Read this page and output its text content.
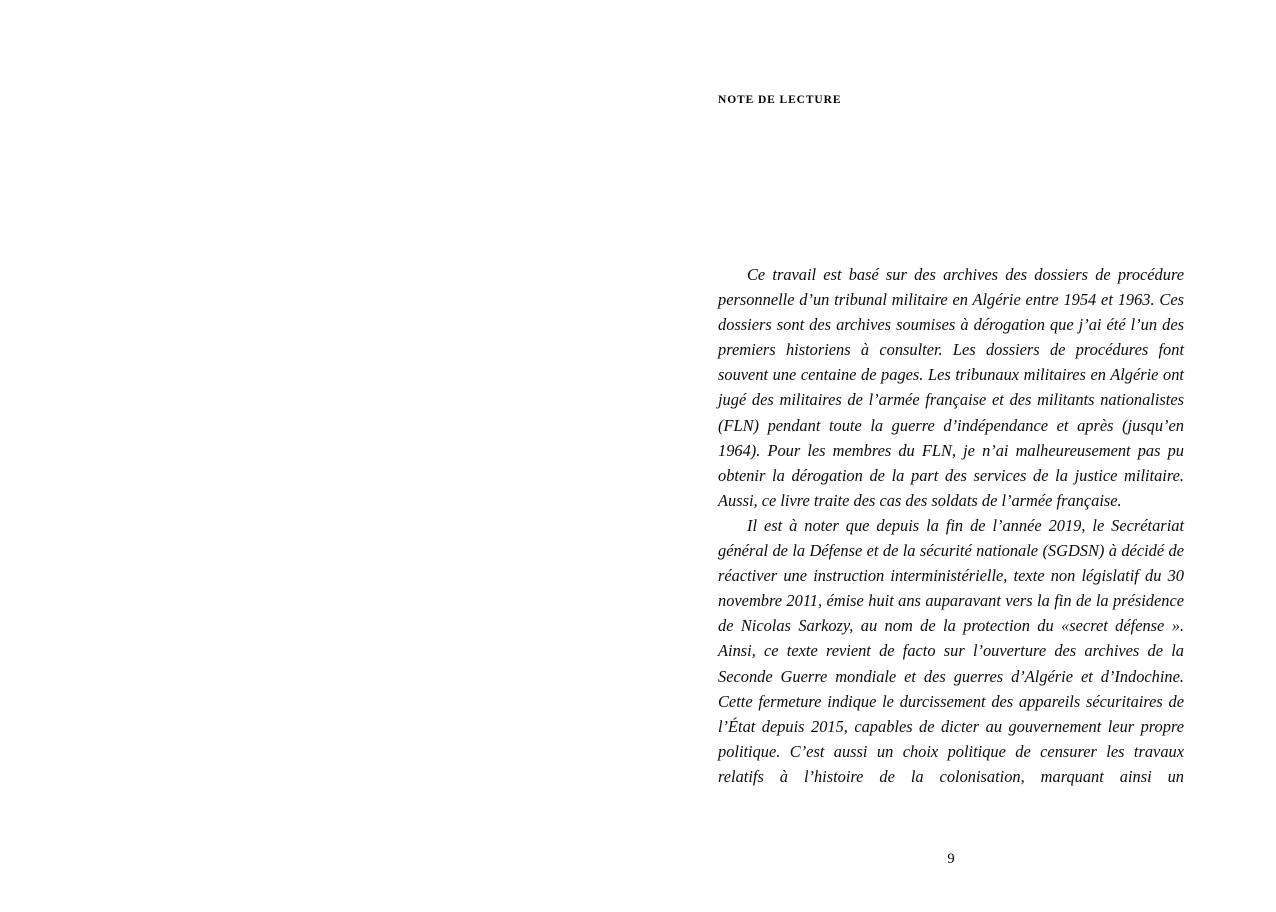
NOTE DE LECTURE

Ce travail est basé sur des archives des dossiers de procédure personnelle d’un tribunal militaire en Algérie entre 1954 et 1963. Ces dossiers sont des archives soumises à dérogation que j’ai été l’un des premiers historiens à consulter. Les dossiers de procédures font souvent une centaine de pages. Les tribunaux militaires en Algérie ont jugé des militaires de l’armée française et des militants nationalistes (FLN) pendant toute la guerre d’indépendance et après (jusqu’en 1964). Pour les membres du FLN, je n’ai malheureusement pas pu obtenir la dérogation de la part des services de la justice militaire. Aussi, ce livre traite des cas des soldats de l’armée française.

Il est à noter que depuis la fin de l’année 2019, le Secrétariat général de la Défense et de la sécurité nationale (SGDSN) à décidé de réactiver une instruction interministérielle, texte non législatif du 30 novembre 2011, émise huit ans auparavant vers la fin de la présidence de Nicolas Sarkozy, au nom de la protection du «secret défense ». Ainsi, ce texte revient de facto sur l’ouverture des archives de la Seconde Guerre mondiale et des guerres d’Algérie et d’Indochine. Cette fermeture indique le durcissement des appareils sécuritaires de l’État depuis 2015, capables de dicter au gouvernement leur propre politique. C’est aussi un choix politique de censurer les travaux relatifs à l’histoire de la colonisation, marquant ainsi un

9
